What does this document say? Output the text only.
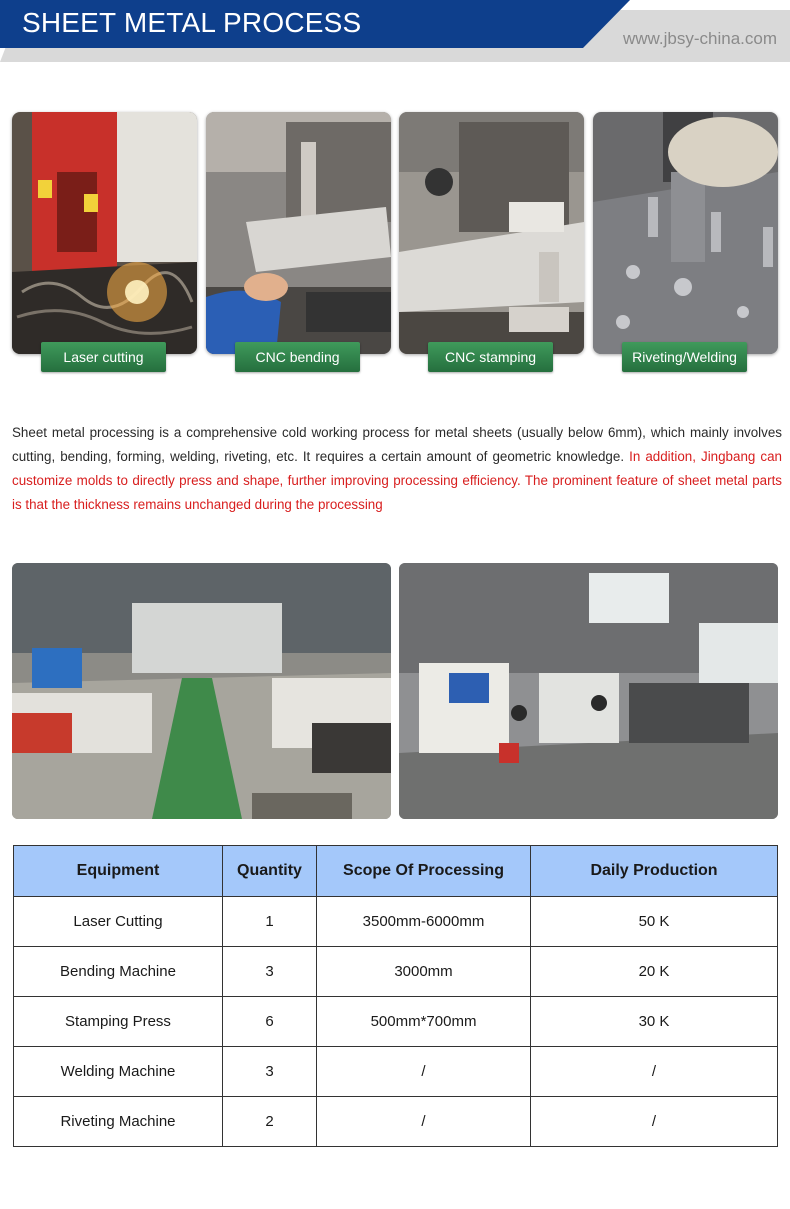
SHEET METAL PROCESS
www.jbsy-china.com
Laser cutting	CNC bending	CNC stamping	Riveting/Welding

Sheet metal processing is a comprehensive cold working process for metal sheets (usually below 6mm), which mainly involves cutting, bending, forming, welding, riveting, etc. It requires a certain amount of geometric knowledge. In addition, Jingbang can customize molds to directly press and shape, further improving processing efficiency. The prominent feature of sheet metal parts is that the thickness remains unchanged during the processing

Equipment	Quantity	Scope Of Processing	Daily Production
Laser Cutting	1	3500mm-6000mm	50 K
Bending Machine	3	3000mm	20 K
Stamping Press	6	500mm*700mm	30 K
Welding Machine	3	/	/
Riveting Machine	2	/	/
